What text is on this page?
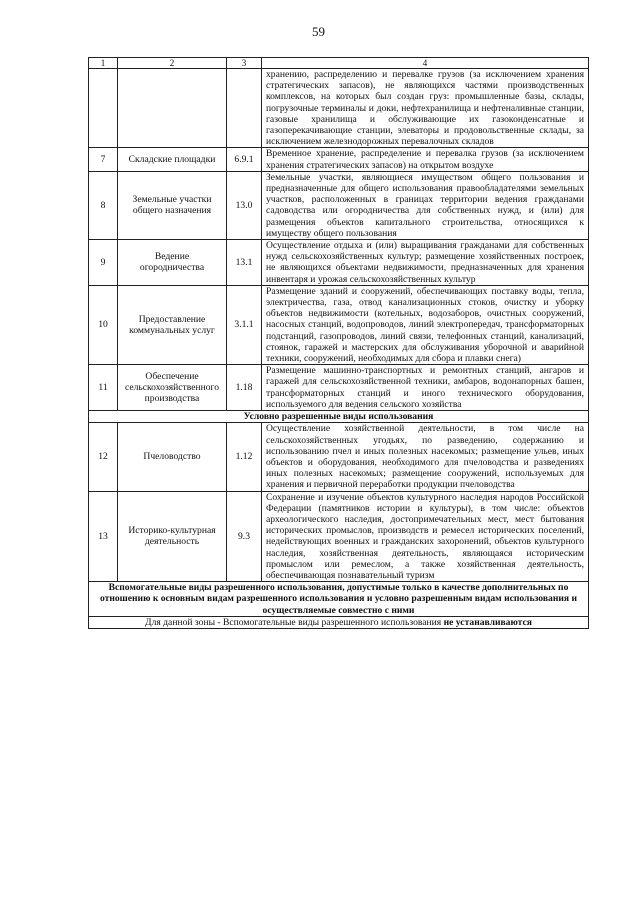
59
1	2	3	4
			хранению, распределению и перевалке грузов (за исключением хранения стратегических запасов), не являющихся частями производственных комплексов, на которых был создан груз: промышленные базы, склады, погрузочные терминалы и доки, нефтехранилища и нефтеналивные станции, газовые хранилища и обслуживающие их газоконденсатные и газоперекачивающие станции, элеваторы и продовольственные склады, за исключением железнодорожных перевалочных складов
7	Складские площадки	6.9.1	Временное хранение, распределение и перевалка грузов (за исключением хранения стратегических запасов) на открытом воздухе
8	Земельные участки общего назначения	13.0	Земельные участки, являющиеся имуществом общего пользования и предназначенные для общего использования правообладателями земельных участков, расположенных в границах территории ведения гражданами садоводства или огородничества для собственных нужд, и (или) для размещения объектов капитального строительства, относящихся к имуществу общего пользования
9	Ведение огородничества	13.1	Осуществление отдыха и (или) выращивания гражданами для собственных нужд сельскохозяйственных культур; размещение хозяйственных построек, не являющихся объектами недвижимости, предназначенных для хранения инвентаря и урожая сельскохозяйственных культур
10	Предоставление коммунальных услуг	3.1.1	Размещение зданий и сооружений, обеспечивающих поставку воды, тепла, электричества, газа, отвод канализационных стоков, очистку и уборку объектов недвижимости (котельных, водозаборов, очистных сооружений, насосных станций, водопроводов, линий электропередач, трансформаторных подстанций, газопроводов, линий связи, телефонных станций, канализаций, стоянок, гаражей и мастерских для обслуживания уборочной и аварийной техники, сооружений, необходимых для сбора и плавки снега)
11	Обеспечение сельскохозяйственного производства	1.18	Размещение машинно-транспортных и ремонтных станций, ангаров и гаражей для сельскохозяйственной техники, амбаров, водонапорных башен, трансформаторных станций и иного технического оборудования, используемого для ведения сельского хозяйства
Условно разрешенные виды использования			
12	Пчеловодство	1.12	Осуществление хозяйственной деятельности, в том числе на сельскохозяйственных угодьях, по разведению, содержанию и использованию пчел и иных полезных насекомых; размещение ульев, иных объектов и оборудования, необходимого для пчеловодства и разведениях иных полезных насекомых; размещение сооружений, используемых для хранения и первичной переработки продукции пчеловодства
13	Историко-культурная деятельность	9.3	Сохранение и изучение объектов культурного наследия народов Российской Федерации (памятников истории и культуры), в том числе: объектов археологического наследия, достопримечательных мест, мест бытования исторических промыслов, производств и ремесел исторических поселений, недействующих военных и гражданских захоронений, объектов культурного наследия, хозяйственная деятельность, являющаяся историческим промыслом или ремеслом, а также хозяйственная деятельность, обеспечивающая познавательный туризм
Вспомогательные виды разрешенного использования, допустимые только в качестве дополнительных по отношению к основным видам разрешенного использования и условно разрешенным видам использования и осуществляемые совместно с ними			
Для данной зоны - Вспомогательные виды разрешенного использования не устанавливаются			
